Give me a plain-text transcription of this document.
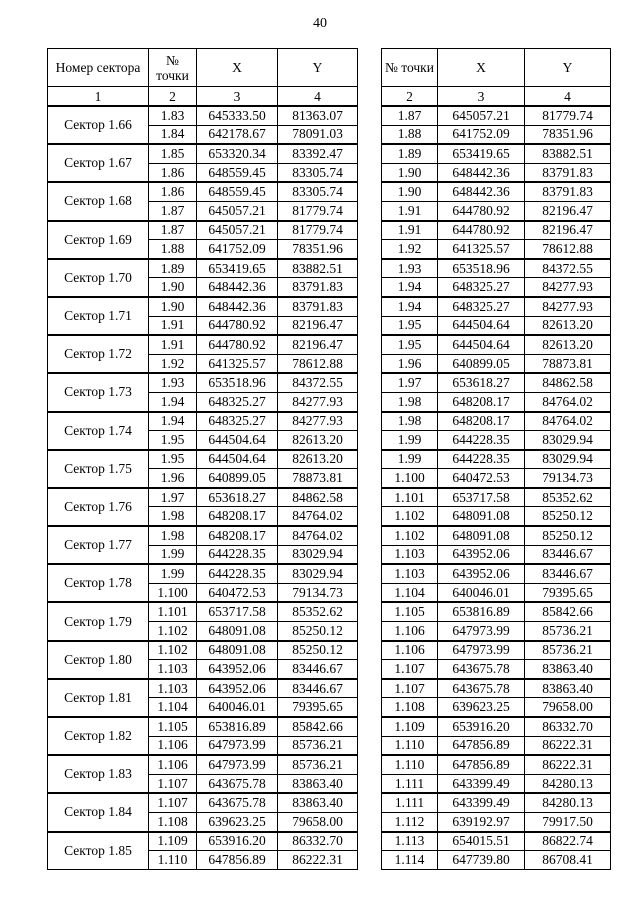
40
Номер сектора	№ точки	X	Y
1	2	3	4
Сектор 1.66	1.83	645333.50	81363.07
	1.84	642178.67	78091.03
Сектор 1.67	1.85	653320.34	83392.47
	1.86	648559.45	83305.74
Сектор 1.68	1.86	648559.45	83305.74
	1.87	645057.21	81779.74
Сектор 1.69	1.87	645057.21	81779.74
	1.88	641752.09	78351.96
Сектор 1.70	1.89	653419.65	83882.51
	1.90	648442.36	83791.83
Сектор 1.71	1.90	648442.36	83791.83
	1.91	644780.92	82196.47
Сектор 1.72	1.91	644780.92	82196.47
	1.92	641325.57	78612.88
Сектор 1.73	1.93	653518.96	84372.55
	1.94	648325.27	84277.93
Сектор 1.74	1.94	648325.27	84277.93
	1.95	644504.64	82613.20
Сектор 1.75	1.95	644504.64	82613.20
	1.96	640899.05	78873.81
Сектор 1.76	1.97	653618.27	84862.58
	1.98	648208.17	84764.02
Сектор 1.77	1.98	648208.17	84764.02
	1.99	644228.35	83029.94
Сектор 1.78	1.99	644228.35	83029.94
	1.100	640472.53	79134.73
Сектор 1.79	1.101	653717.58	85352.62
	1.102	648091.08	85250.12
Сектор 1.80	1.102	648091.08	85250.12
	1.103	643952.06	83446.67
Сектор 1.81	1.103	643952.06	83446.67
	1.104	640046.01	79395.65
Сектор 1.82	1.105	653816.89	85842.66
	1.106	647973.99	85736.21
Сектор 1.83	1.106	647973.99	85736.21
	1.107	643675.78	83863.40
Сектор 1.84	1.107	643675.78	83863.40
	1.108	639623.25	79658.00
Сектор 1.85	1.109	653916.20	86332.70
	1.110	647856.89	86222.31
№ точки	X	Y
2	3	4
1.87	645057.21	81779.74
1.88	641752.09	78351.96
1.89	653419.65	83882.51
1.90	648442.36	83791.83
1.90	648442.36	83791.83
1.91	644780.92	82196.47
1.91	644780.92	82196.47
1.92	641325.57	78612.88
1.93	653518.96	84372.55
1.94	648325.27	84277.93
1.94	648325.27	84277.93
1.95	644504.64	82613.20
1.95	644504.64	82613.20
1.96	640899.05	78873.81
1.97	653618.27	84862.58
1.98	648208.17	84764.02
1.98	648208.17	84764.02
1.99	644228.35	83029.94
1.99	644228.35	83029.94
1.100	640472.53	79134.73
1.101	653717.58	85352.62
1.102	648091.08	85250.12
1.102	648091.08	85250.12
1.103	643952.06	83446.67
1.103	643952.06	83446.67
1.104	640046.01	79395.65
1.105	653816.89	85842.66
1.106	647973.99	85736.21
1.106	647973.99	85736.21
1.107	643675.78	83863.40
1.107	643675.78	83863.40
1.108	639623.25	79658.00
1.109	653916.20	86332.70
1.110	647856.89	86222.31
1.110	647856.89	86222.31
1.111	643399.49	84280.13
1.111	643399.49	84280.13
1.112	639192.97	79917.50
1.113	654015.51	86822.74
1.114	647739.80	86708.41
